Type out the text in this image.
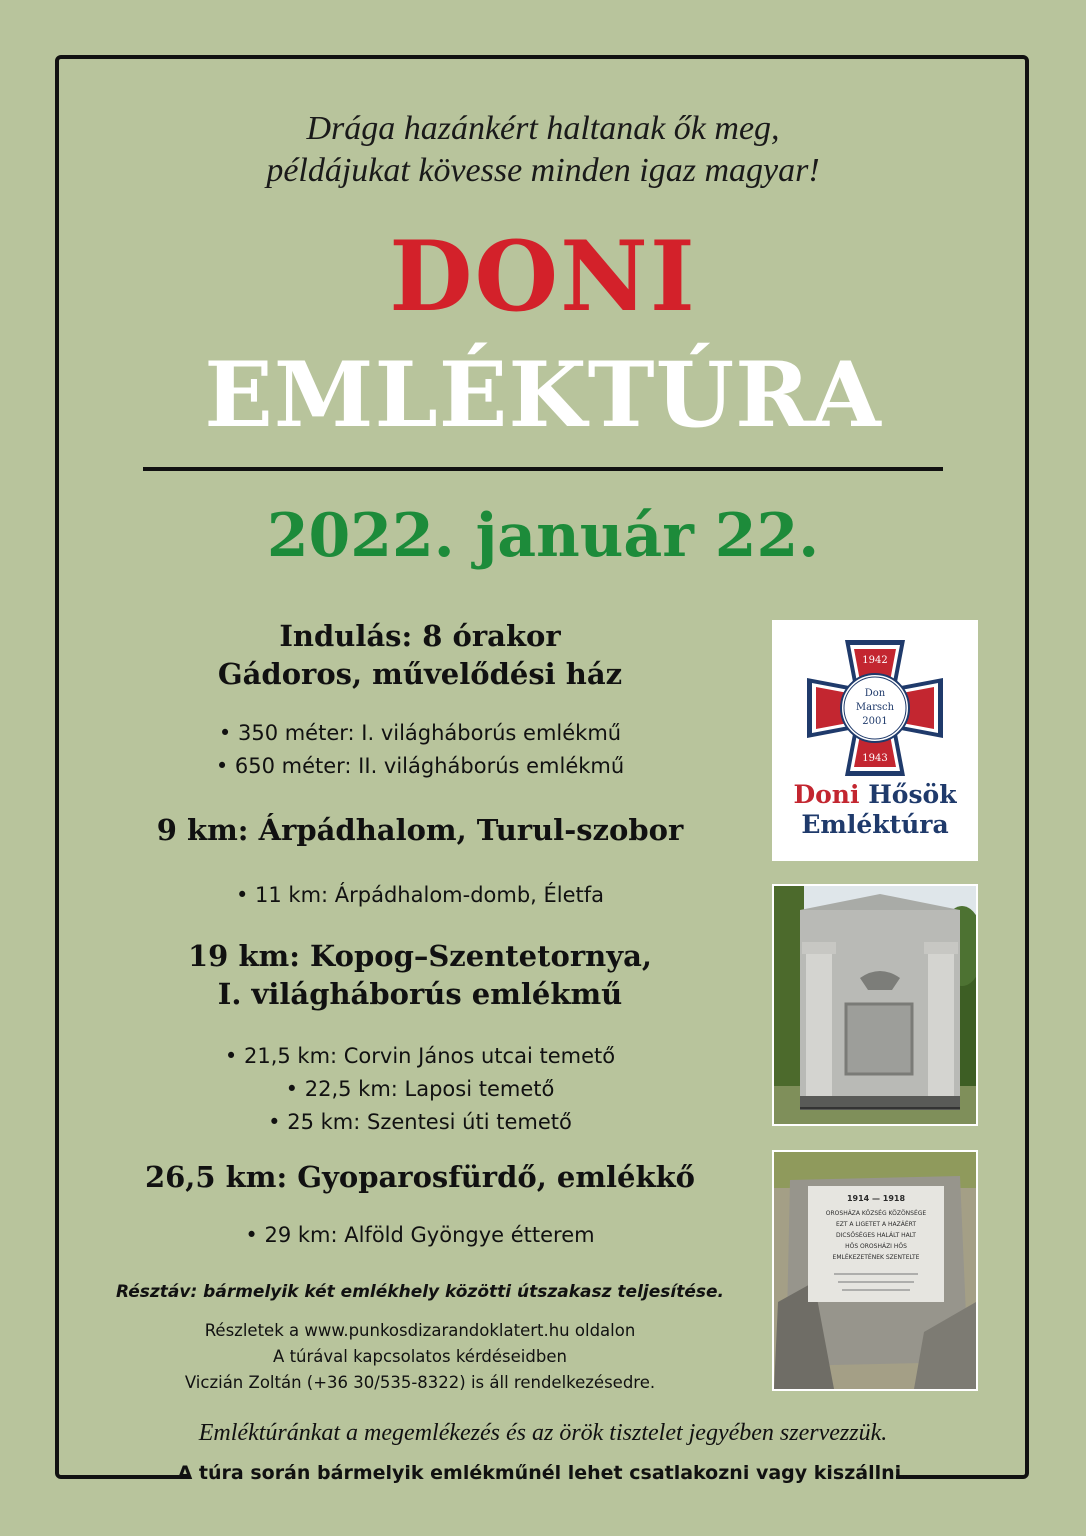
Drága hazánkért haltanak ők meg,
példájukat kövesse minden igaz magyar!
DONI
EMLÉKTÚRA
2022. január 22.
Indulás: 8 órakor
Gádoros, művelődési ház
• 350 méter: I. világháborús emlékmű
• 650 méter: II. világháborús emlékmű
9 km: Árpádhalom, Turul-szobor
• 11 km: Árpádhalom-domb, Életfa
19 km: Kopog–Szentetornya,
I. világháborús emlékmű
• 21,5 km: Corvin János utcai temető
• 22,5 km: Laposi temető
• 25 km: Szentesi úti temető
26,5 km: Gyoparosfürdő, emlékkő
• 29 km: Alföld Gyöngye étterem
Résztáv: bármelyik két emlékhely közötti útszakasz teljesítése.
Részletek a www.punkosdizarandoklatert.hu oldalon
A túrával kapcsolatos kérdéseidben
Viczián Zoltán (+36 30/535-8322) is áll rendelkezésedre.
1942
Don
Marsch
2001
1943
Doni Hősök
Emléktúra
1914 — 1918
OROSHÁZA KÖZSÉG KÖZÖNSÉGE
EZT A LIGETET A HAZÁÉRT
DICSŐSÉGES HALÁLT HALT
HŐS OROSHÁZI HŐS
EMLÉKEZETÉNEK SZENTELTE
Emléktúránkat a megemlékezés és az örök tisztelet jegyében szervezzük.
A túra során bármelyik emlékműnél lehet csatlakozni vagy kiszállni.
